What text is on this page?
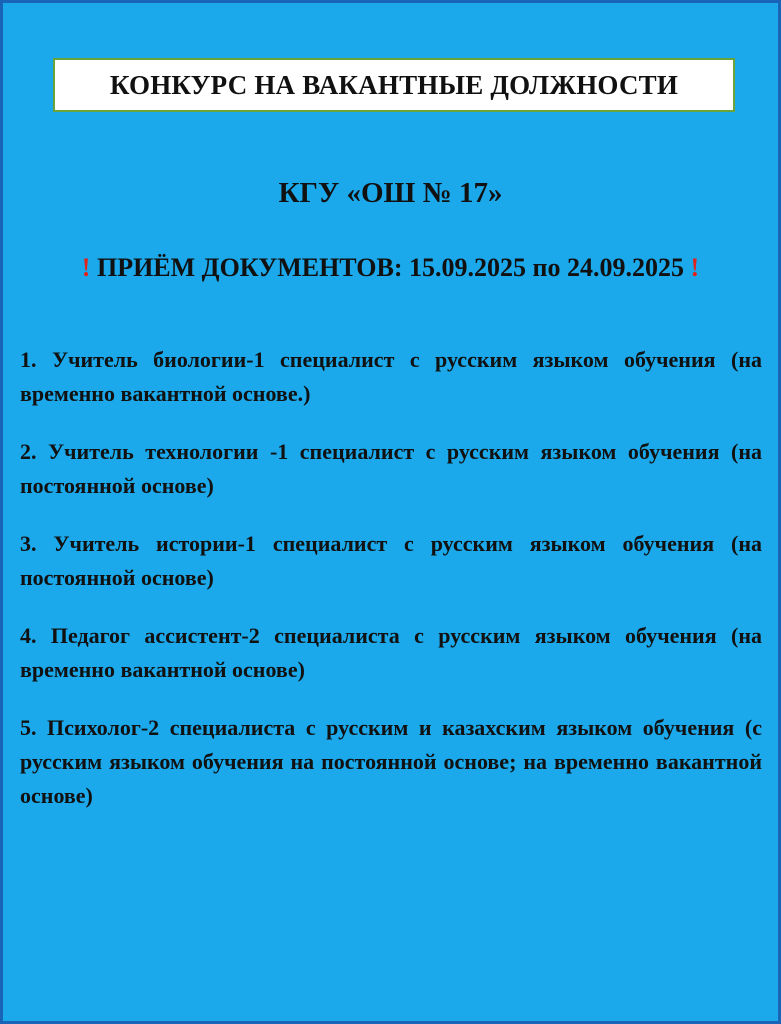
КОНКУРС НА ВАКАНТНЫЕ ДОЛЖНОСТИ
КГУ «ОШ № 17»
! ПРИЁМ ДОКУМЕНТОВ: 15.09.2025 по 24.09.2025 !
1. Учитель биологии-1 специалист с русским языком обучения (на временно вакантной основе.)
2. Учитель технологии -1 специалист с русским языком обучения (на постоянной основе)
3. Учитель истории-1 специалист с русским языком обучения (на постоянной основе)
4. Педагог ассистент-2 специалиста с русским языком обучения (на временно вакантной основе)
5. Психолог-2 специалиста с русским и казахским языком обучения (с русским языком обучения на постоянной основе; на временно вакантной основе)
